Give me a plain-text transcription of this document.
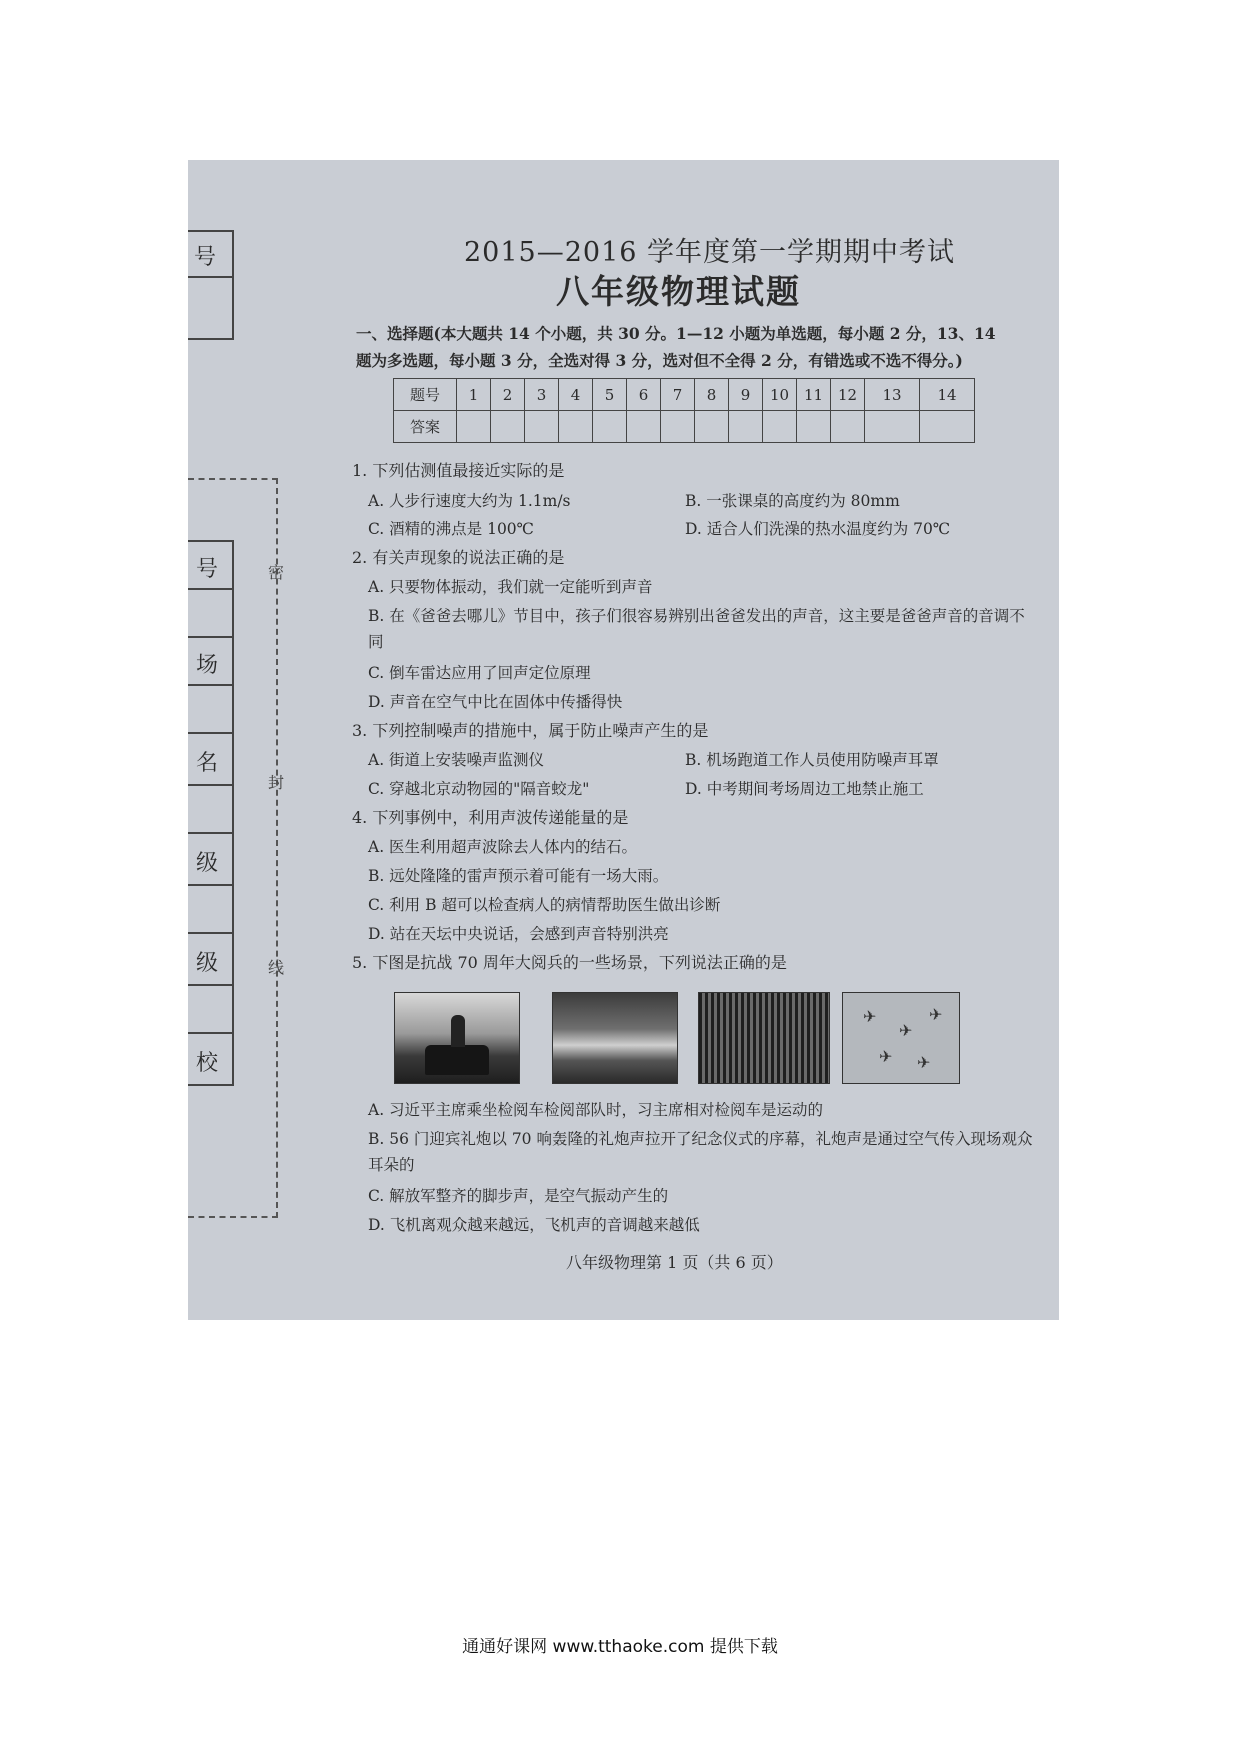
号
号
场
名
级
级
校
密
封
线
2015—2016 学年度第一学期期中考试
八年级物理试题
一、选择题(本大题共 14 个小题，共 30 分。1—12 小题为单选题，每小题 2 分，13、14 题为多选题，每小题 3 分，全选对得 3 分，选对但不全得 2 分，有错选或不选不得分。)
题号	1	2	3	4	5	6	7	8	9	10	11	12	13	14
答案														
1. 下列估测值最接近实际的是
A. 人步行速度大约为 1.1m/s	B. 一张课桌的高度约为 80mm
C. 酒精的沸点是 100℃	D. 适合人们洗澡的热水温度约为 70℃
2. 有关声现象的说法正确的是
A. 只要物体振动，我们就一定能听到声音
B. 在《爸爸去哪儿》节目中，孩子们很容易辨别出爸爸发出的声音，这主要是爸爸声音的音调不同
C. 倒车雷达应用了回声定位原理
D. 声音在空气中比在固体中传播得快
3. 下列控制噪声的措施中，属于防止噪声产生的是
A. 街道上安装噪声监测仪	B. 机场跑道工作人员使用防噪声耳罩
C. 穿越北京动物园的"隔音蛟龙"	D. 中考期间考场周边工地禁止施工
4. 下列事例中，利用声波传递能量的是
A. 医生利用超声波除去人体内的结石。
B. 远处隆隆的雷声预示着可能有一场大雨。
C. 利用 B 超可以检查病人的病情帮助医生做出诊断
D. 站在天坛中央说话，会感到声音特别洪亮
5. 下图是抗战 70 周年大阅兵的一些场景，下列说法正确的是
✈
✈
✈
✈ ✈
A. 习近平主席乘坐检阅车检阅部队时，习主席相对检阅车是运动的
B. 56 门迎宾礼炮以 70 响轰隆的礼炮声拉开了纪念仪式的序幕，礼炮声是通过空气传入现场观众耳朵的
C. 解放军整齐的脚步声，是空气振动产生的
D. 飞机离观众越来越远，飞机声的音调越来越低
八年级物理第 1 页（共 6 页）
通通好课网 www.tthaoke.com 提供下载
